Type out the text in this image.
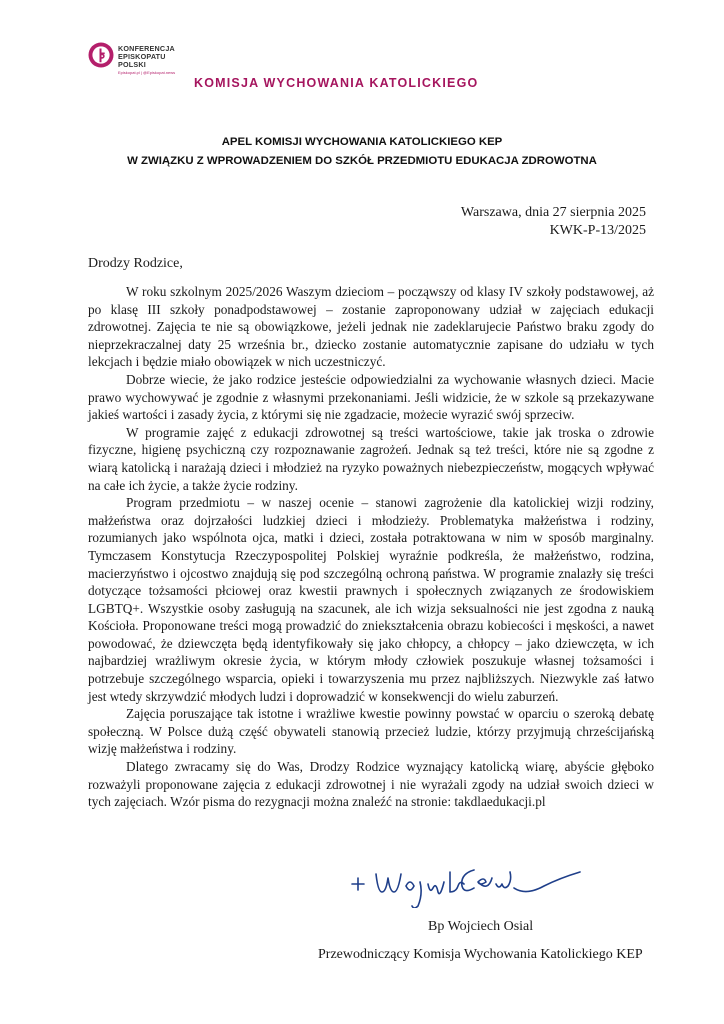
KONFERENCJA
EPISKOPATU
POLSKI
Episkopat.pl | @Episkopat.news
KOMISJA WYCHOWANIA KATOLICKIEGO
APEL KOMISJI WYCHOWANIA KATOLICKIEGO KEP
W ZWIĄZKU Z WPROWADZENIEM DO SZKÓŁ PRZEDMIOTU EDUKACJA ZDROWOTNA
Warszawa, dnia 27 sierpnia 2025
KWK-P-13/2025
Drodzy Rodzice,

W roku szkolnym 2025/2026 Waszym dzieciom – począwszy od klasy IV szkoły podstawowej, aż po klasę III szkoły ponadpodstawowej – zostanie zaproponowany udział w zajęciach edukacji zdrowotnej. Zajęcia te nie są obowiązkowe, jeżeli jednak nie zadeklarujecie Państwo braku zgody do nieprzekraczalnej daty 25 września br., dziecko zostanie automatycznie zapisane do udziału w tych lekcjach i będzie miało obowiązek w nich uczestniczyć.

Dobrze wiecie, że jako rodzice jesteście odpowiedzialni za wychowanie własnych dzieci. Macie prawo wychowywać je zgodnie z własnymi przekonaniami. Jeśli widzicie, że w szkole są przekazywane jakieś wartości i zasady życia, z którymi się nie zgadzacie, możecie wyrazić swój sprzeciw.

W programie zajęć z edukacji zdrowotnej są treści wartościowe, takie jak troska o zdrowie fizyczne, higienę psychiczną czy rozpoznawanie zagrożeń. Jednak są też treści, które nie są zgodne z wiarą katolicką i narażają dzieci i młodzież na ryzyko poważnych niebezpieczeństw, mogących wpływać na całe ich życie, a także życie rodziny.

Program przedmiotu – w naszej ocenie – stanowi zagrożenie dla katolickiej wizji rodziny, małżeństwa oraz dojrzałości ludzkiej dzieci i młodzieży. Problematyka małżeństwa i rodziny, rozumianych jako wspólnota ojca, matki i dzieci, została potraktowana w nim w sposób marginalny. Tymczasem Konstytucja Rzeczypospolitej Polskiej wyraźnie podkreśla, że małżeństwo, rodzina, macierzyństwo i ojcostwo znajdują się pod szczególną ochroną państwa. W programie znalazły się treści dotyczące tożsamości płciowej oraz kwestii prawnych i społecznych związanych ze środowiskiem LGBTQ+. Wszystkie osoby zasługują na szacunek, ale ich wizja seksualności nie jest zgodna z nauką Kościoła. Proponowane treści mogą prowadzić do zniekształcenia obrazu kobiecości i męskości, a nawet powodować, że dziewczęta będą identyfikowały się jako chłopcy, a chłopcy – jako dziewczęta, w ich najbardziej wrażliwym okresie życia, w którym młody człowiek poszukuje własnej tożsamości i potrzebuje szczególnego wsparcia, opieki i towarzyszenia mu przez najbliższych. Niezwykle zaś łatwo jest wtedy skrzywdzić młodych ludzi i doprowadzić w konsekwencji do wielu zaburzeń.

Zajęcia poruszające tak istotne i wrażliwe kwestie powinny powstać w oparciu o szeroką debatę społeczną. W Polsce dużą część obywateli stanowią przecież ludzie, którzy przyjmują chrześcijańską wizję małżeństwa i rodziny.

Dlatego zwracamy się do Was, Drodzy Rodzice wyznający katolicką wiarę, abyście głęboko rozważyli proponowane zajęcia z edukacji zdrowotnej i nie wyrażali zgody na udział swoich dzieci w tych zajęciach. Wzór pisma do rezygnacji można znaleźć na stronie: takdlaedukacji.pl

Bp Wojciech Osial
Przewodniczący Komisja Wychowania Katolickiego KEP
